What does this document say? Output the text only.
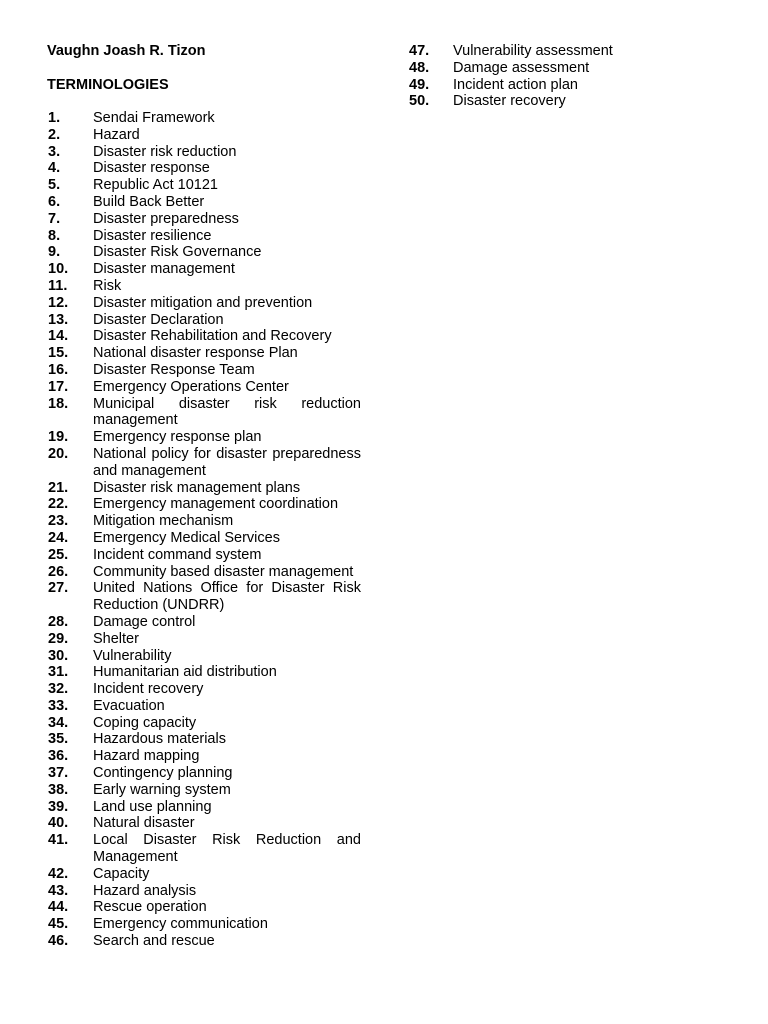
Vaughn Joash R. Tizon
TERMINOLOGIES
1.	Sendai Framework
2.	Hazard
3.	Disaster risk reduction
4.	Disaster response
5.	Republic Act 10121
6.	Build Back Better
7.	Disaster preparedness
8.	Disaster resilience
9.	Disaster Risk Governance
10.	Disaster management
11.	Risk
12.	Disaster mitigation and prevention
13.	Disaster Declaration
14.	Disaster Rehabilitation and Recovery
15.	National disaster response Plan
16.	Disaster Response Team
17.	Emergency Operations Center
18.	Municipal disaster risk reduction management
19.	Emergency response plan
20.	National policy for disaster preparedness and management
21.	Disaster risk management plans
22.	Emergency management coordination
23.	Mitigation mechanism
24.	Emergency Medical Services
25.	Incident command system
26.	Community based disaster management
27.	United Nations Office for Disaster Risk Reduction (UNDRR)
28.	Damage control
29.	Shelter
30.	Vulnerability
31.	Humanitarian aid distribution
32.	Incident recovery
33.	Evacuation
34.	Coping capacity
35.	Hazardous materials
36.	Hazard mapping
37.	Contingency planning
38.	Early warning system
39.	Land use planning
40.	Natural disaster
41.	Local Disaster Risk Reduction and Management
42.	Capacity
43.	Hazard analysis
44.	Rescue operation
45.	Emergency communication
46.	Search and rescue
47.	Vulnerability assessment
48.	Damage assessment
49.	Incident action plan
50.	Disaster recovery
